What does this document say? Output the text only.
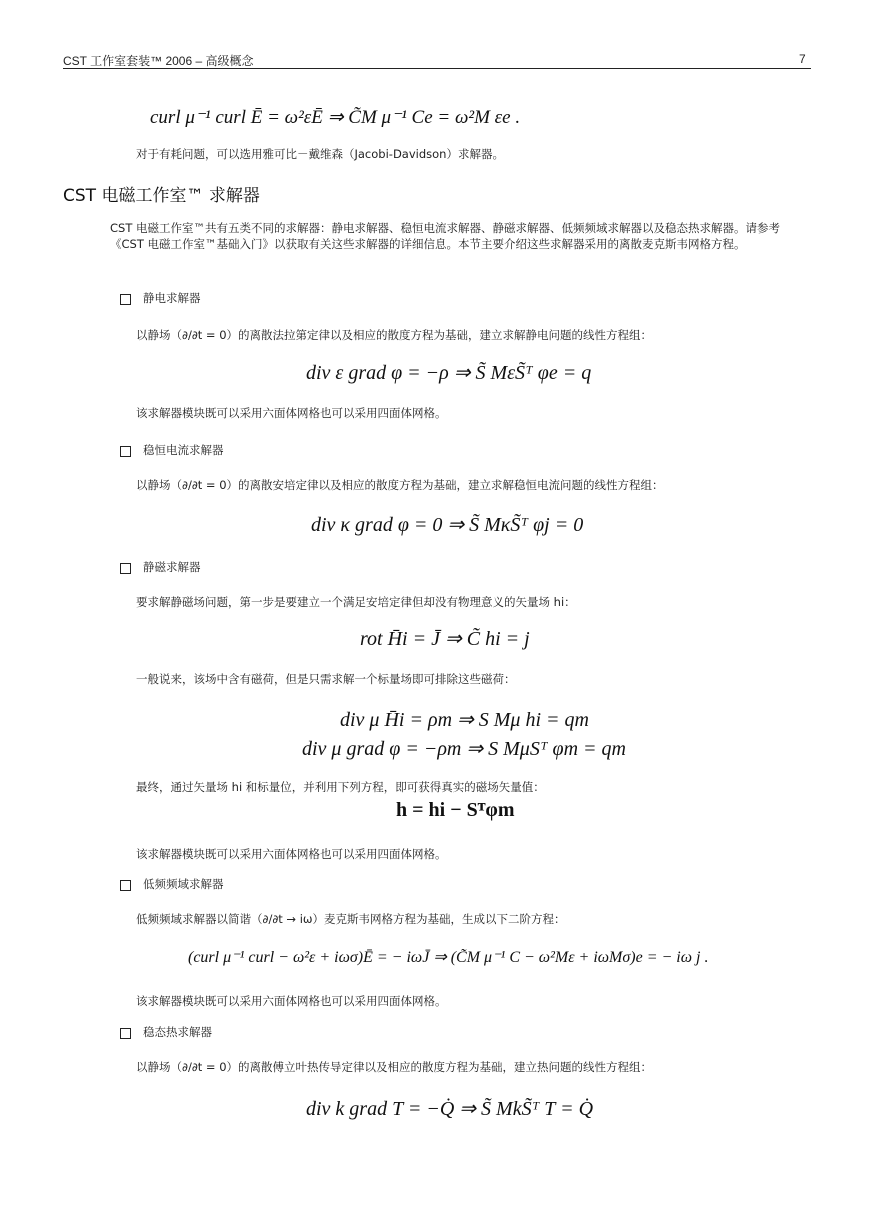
CST 工作室套装™ 2006 – 高级概念	7
curl μ⁻¹ curl Ē = ω²εĒ ⇒ C̃M μ⁻¹ Ce = ω²M εe .
对于有耗问题，可以选用雅可比－戴维森（Jacobi-Davidson）求解器。
CST 电磁工作室™ 求解器
CST 电磁工作室™共有五类不同的求解器：静电求解器、稳恒电流求解器、静磁求解器、低频频域求解器以及稳态热求解器。请参考《CST 电磁工作室™基础入门》以获取有关这些求解器的详细信息。本节主要介绍这些求解器采用的离散麦克斯韦网格方程。
静电求解器
以静场（∂/∂t = 0）的离散法拉第定律以及相应的散度方程为基础，建立求解静电问题的线性方程组：
div ε grad φ = −ρ ⇒ S̃ MεS̃ᵀ φe = q
该求解器模块既可以采用六面体网格也可以采用四面体网格。
稳恒电流求解器
以静场（∂/∂t = 0）的离散安培定律以及相应的散度方程为基础，建立求解稳恒电流问题的线性方程组：
div κ grad φ = 0 ⇒ S̃ MκS̃ᵀ φj = 0
静磁求解器
要求解静磁场问题，第一步是要建立一个满足安培定律但却没有物理意义的矢量场 hi：
rot H̄i = J̄ ⇒ C̃ hi = j
一般说来，该场中含有磁荷，但是只需求解一个标量场即可排除这些磁荷：
div μ H̄i = ρm ⇒ S Mμ hi = qm
div μ grad φ = −ρm ⇒ S MμSᵀ φm = qm
最终，通过矢量场 hi 和标量位，并利用下列方程，即可获得真实的磁场矢量值：
h = hi − Sᵀφm
该求解器模块既可以采用六面体网格也可以采用四面体网格。
低频频域求解器
低频频域求解器以简谐（∂/∂t → iω）麦克斯韦网格方程为基础，生成以下二阶方程：
(curl μ⁻¹ curl − ω²ε + iωσ)Ē = − iωJ̄ ⇒ (C̃M μ⁻¹ C − ω²Mε + iωMσ)e = − iω j .
该求解器模块既可以采用六面体网格也可以采用四面体网格。
稳态热求解器
以静场（∂/∂t = 0）的离散傅立叶热传导定律以及相应的散度方程为基础，建立热问题的线性方程组：
div k grad T = −Q̇ ⇒ S̃ MkS̃ᵀ T = Q̇
